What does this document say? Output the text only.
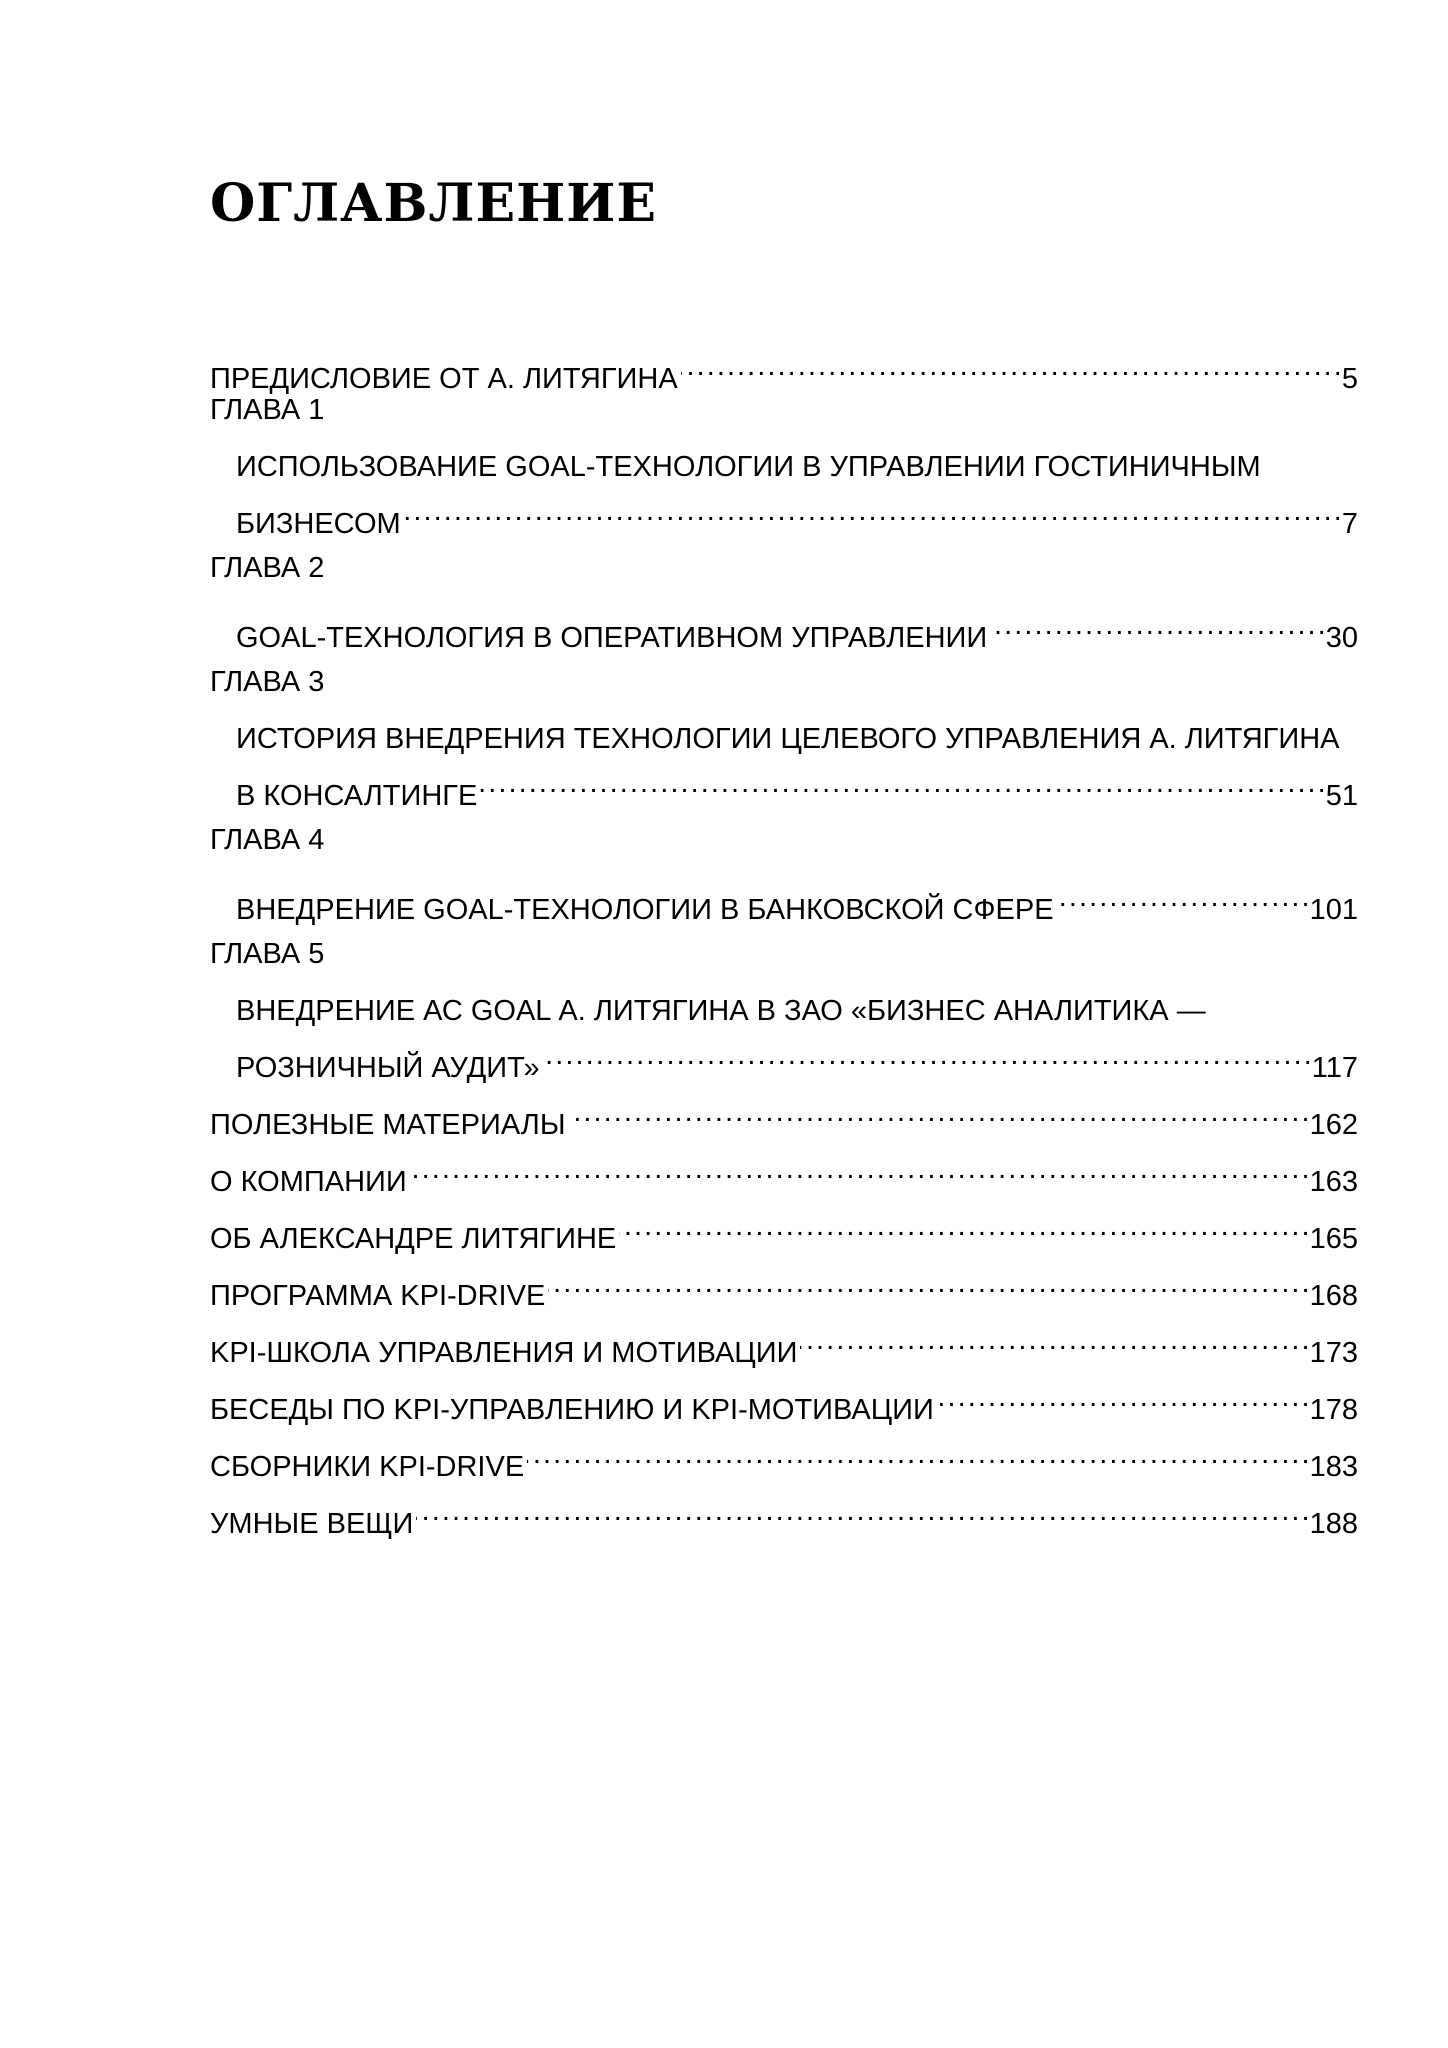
ОГЛАВЛЕНИЕ
ПРЕДИСЛОВИЕ ОТ А. ЛИТЯГИНА . . .	5
ГЛАВА 1
ИСПОЛЬЗОВАНИЕ GOAL-ТЕХНОЛОГИИ В УПРАВЛЕНИИ ГОСТИНИЧНЫМ
БИЗНЕСОМ . . .	7
ГЛАВА 2
GOAL-ТЕХНОЛОГИЯ В ОПЕРАТИВНОМ УПРАВЛЕНИИ . . .	30
ГЛАВА 3
ИСТОРИЯ ВНЕДРЕНИЯ ТЕХНОЛОГИИ ЦЕЛЕВОГО УПРАВЛЕНИЯ А. ЛИТЯГИНА
В КОНСАЛТИНГЕ . . .	51
ГЛАВА 4
ВНЕДРЕНИЕ GOAL-ТЕХНОЛОГИИ В БАНКОВСКОЙ СФЕРЕ . . .	101
ГЛАВА 5
ВНЕДРЕНИЕ АС GOAL А. ЛИТЯГИНА В ЗАО «БИЗНЕС АНАЛИТИКА —
РОЗНИЧНЫЙ АУДИТ» . . .	117
ПОЛЕЗНЫЕ МАТЕРИАЛЫ . . .	162
О КОМПАНИИ . . .	163
ОБ АЛЕКСАНДРЕ ЛИТЯГИНЕ . . .	165
ПРОГРАММА KPI-DRIVE . . .	168
KPI-ШКОЛА УПРАВЛЕНИЯ И МОТИВАЦИИ . . .	173
БЕСЕДЫ ПО KPI-УПРАВЛЕНИЮ И KPI-МОТИВАЦИИ . . .	178
СБОРНИКИ KPI-DRIVE . . .	183
УМНЫЕ ВЕЩИ . . .	188
